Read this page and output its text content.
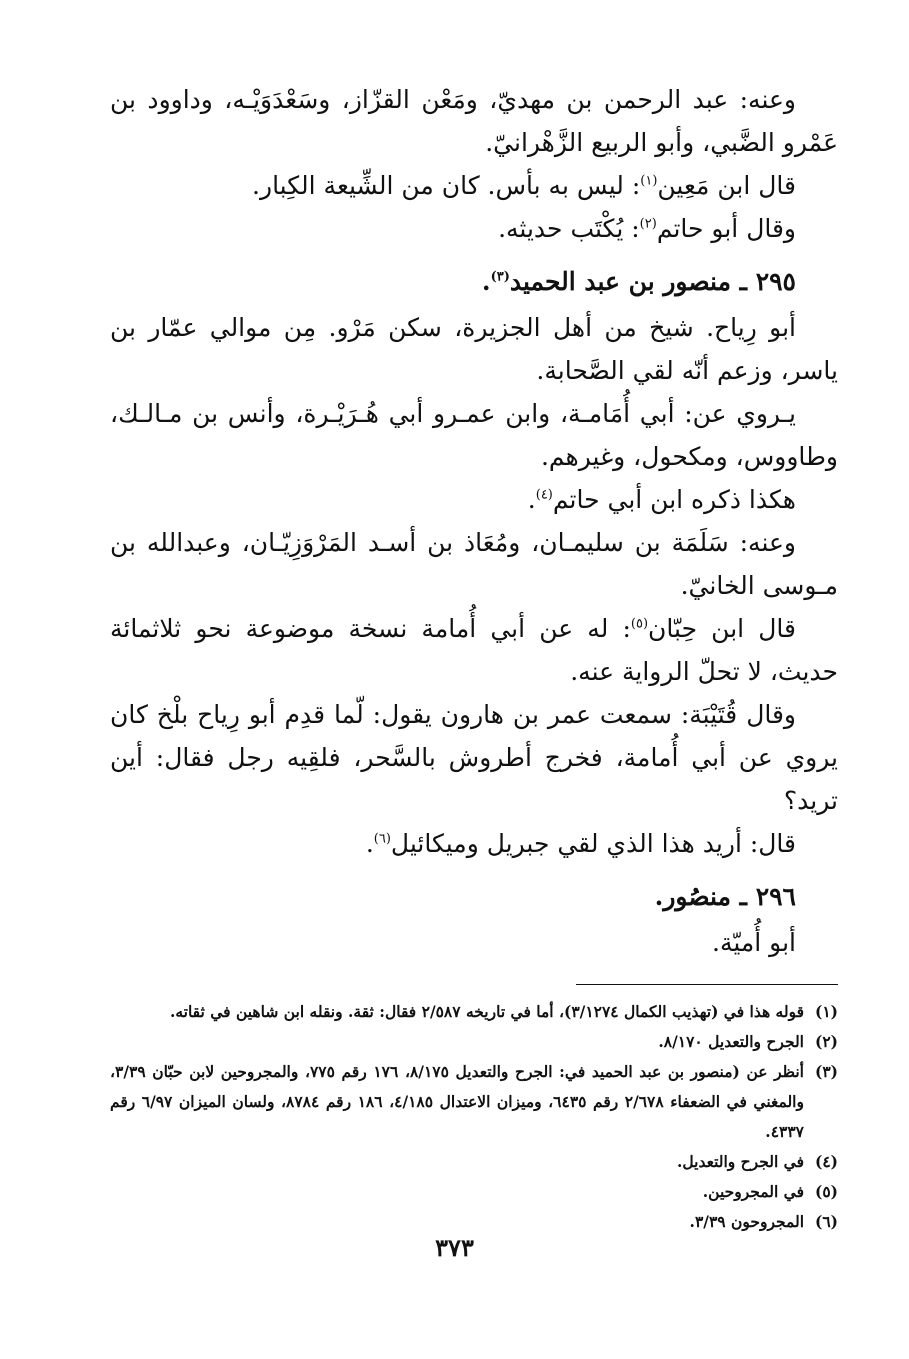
وعنه: عبد الرحمن بن مهديّ، ومَعْن القزّاز، وسَعْدَوَيْـه، وداوود بن عَمْرو الضَّبي، وأبو الربيع الزَّهْرانيّ.

قال ابن مَعِين$^{(١)}$: ليس به بأس. كان من الشِّيعة الكِبار.

وقال أبو حاتم$^{(٢)}$: يُكْتَب حديثه.

٢٩٥ ـ منصور بن عبد الحميد$^{(٣)}$.

أبو رِياح. شيخ من أهل الجزيرة، سكن مَرْو. مِن موالي عمّار بن ياسر، وزعم أنّه لقي الصَّحابة.

يـروي عن: أبي أُمَامـة، وابن عمـرو أبي هُـرَيْـرة، وأنس بن مـالـك، وطاووس، ومكحول، وغيرهم.

هكذا ذكره ابن أبي حاتم$^{(٤)}$.

وعنه: سَلَمَة بن سليمـان، ومُعَاذ بن أسـد المَرْوَزِيّـان، وعبدالله بن مـوسى الخانيّ.

قال ابن حِبّان$^{(٥)}$: له عن أبي أُمامة نسخة موضوعة نحو ثلاثمائة حديث، لا تحلّ الرواية عنه.

وقال قُتَيْبَة: سمعت عمر بن هارون يقول: لّما قدِم أبو رِياح بلْخ كان يروي عن أبي أُمامة، فخرج أطروش بالسَّحر، فلقِيه رجل فقال: أين تريد؟

قال: أريد هذا الذي لقي جبريل وميكائيل$^{(٦)}$.

٢٩٦ ـ منصُور.

أبو أُميّة.

(١)
قوله هذا في (تهذيب الكمال ٣/١٢٧٤)، أما في تاريخه ٢/٥٨٧ فقال: ثقة. ونقله ابن شاهين في ثقاته.
(٢)
الجرح والتعديل ٨/١٧٠.
(٣)
أنظر عن (منصور بن عبد الحميد في: الجرح والتعديل ٨/١٧٥، ١٧٦ رقم ٧٧٥، والمجروحين لابن حبّان ٣/٣٩، والمغني في الضعفاء ٢/٦٧٨ رقم ٦٤٣٥، وميزان الاعتدال ٤/١٨٥، ١٨٦ رقم ٨٧٨٤، ولسان الميزان ٦/٩٧ رقم ٤٣٣٧.
(٤)
في الجرح والتعديل.
(٥)
في المجروحين.
(٦)
المجروحون ٣/٣٩.
٣٧٣
